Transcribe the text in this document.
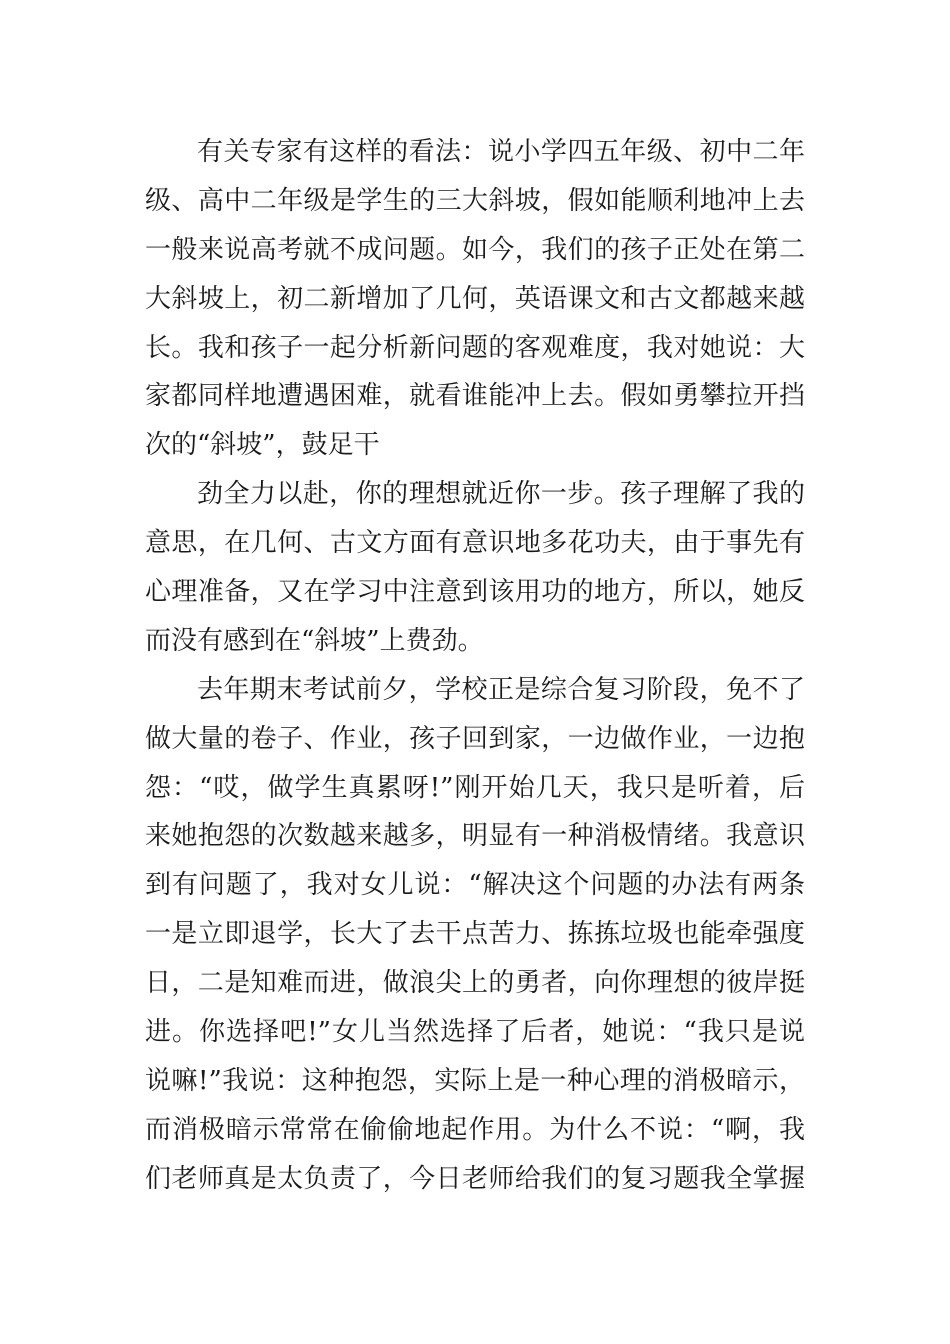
有关专家有这样的看法：说小学四五年级、初中二年
级、高中二年级是学生的三大斜坡，假如能顺利地冲上去
一般来说高考就不成问题。如今，我们的孩子正处在第二
大斜坡上，初二新增加了几何，英语课文和古文都越来越
长。我和孩子一起分析新问题的客观难度，我对她说：大
家都同样地遭遇困难，就看谁能冲上去。假如勇攀拉开挡
次的“斜坡”，鼓足干
劲全力以赴，你的理想就近你一步。孩子理解了我的
意思，在几何、古文方面有意识地多花功夫，由于事先有
心理准备，又在学习中注意到该用功的地方，所以，她反
而没有感到在“斜坡”上费劲。
去年期末考试前夕，学校正是综合复习阶段，免不了
做大量的卷子、作业，孩子回到家，一边做作业，一边抱
怨：“哎，做学生真累呀!”刚开始几天，我只是听着，后
来她抱怨的次数越来越多，明显有一种消极情绪。我意识
到有问题了，我对女儿说：“解决这个问题的办法有两条
一是立即退学，长大了去干点苦力、拣拣垃圾也能牵强度
日，二是知难而进，做浪尖上的勇者，向你理想的彼岸挺
进。你选择吧!”女儿当然选择了后者，她说：“我只是说
说嘛!”我说：这种抱怨，实际上是一种心理的消极暗示，
而消极暗示常常在偷偷地起作用。为什么不说：“啊，我
们老师真是太负责了，今日老师给我们的复习题我全掌握
